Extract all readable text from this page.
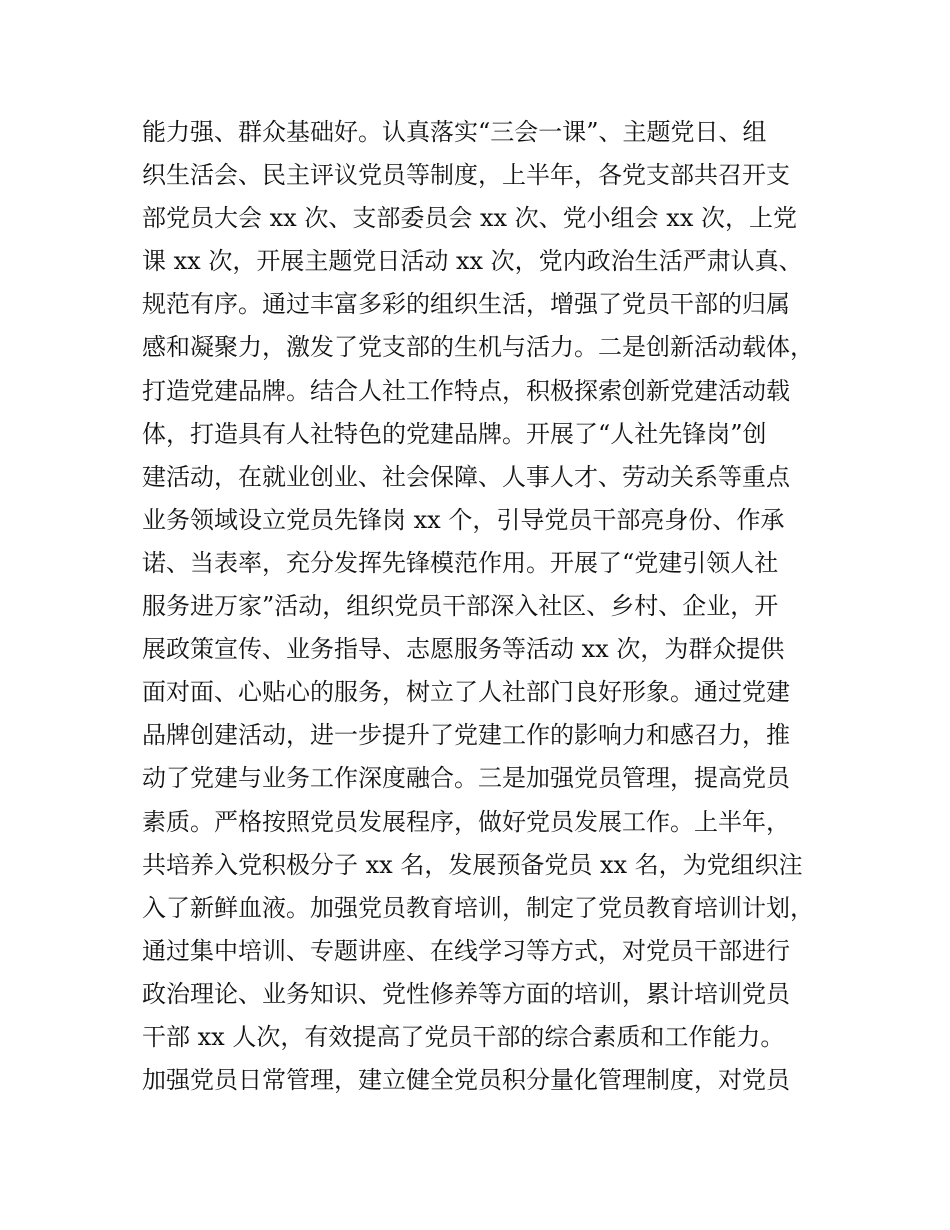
能力强、群众基础好。认真落实“三会一课”、主题党日、组
织生活会、民主评议党员等制度，上半年，各党支部共召开支
部党员大会 xx 次、支部委员会 xx 次、党小组会 xx 次，上党
课 xx 次，开展主题党日活动 xx 次，党内政治生活严肃认真、
规范有序。通过丰富多彩的组织生活，增强了党员干部的归属
感和凝聚力，激发了党支部的生机与活力。二是创新活动载体，
打造党建品牌。结合人社工作特点，积极探索创新党建活动载
体，打造具有人社特色的党建品牌。开展了“人社先锋岗”创
建活动，在就业创业、社会保障、人事人才、劳动关系等重点
业务领域设立党员先锋岗 xx 个，引导党员干部亮身份、作承
诺、当表率，充分发挥先锋模范作用。开展了“党建引领人社
服务进万家”活动，组织党员干部深入社区、乡村、企业，开
展政策宣传、业务指导、志愿服务等活动 xx 次，为群众提供
面对面、心贴心的服务，树立了人社部门良好形象。通过党建
品牌创建活动，进一步提升了党建工作的影响力和感召力，推
动了党建与业务工作深度融合。三是加强党员管理，提高党员
素质。严格按照党员发展程序，做好党员发展工作。上半年，
共培养入党积极分子 xx 名，发展预备党员 xx 名，为党组织注
入了新鲜血液。加强党员教育培训，制定了党员教育培训计划，
通过集中培训、专题讲座、在线学习等方式，对党员干部进行
政治理论、业务知识、党性修养等方面的培训，累计培训党员
干部 xx 人次，有效提高了党员干部的综合素质和工作能力。
加强党员日常管理，建立健全党员积分量化管理制度，对党员
